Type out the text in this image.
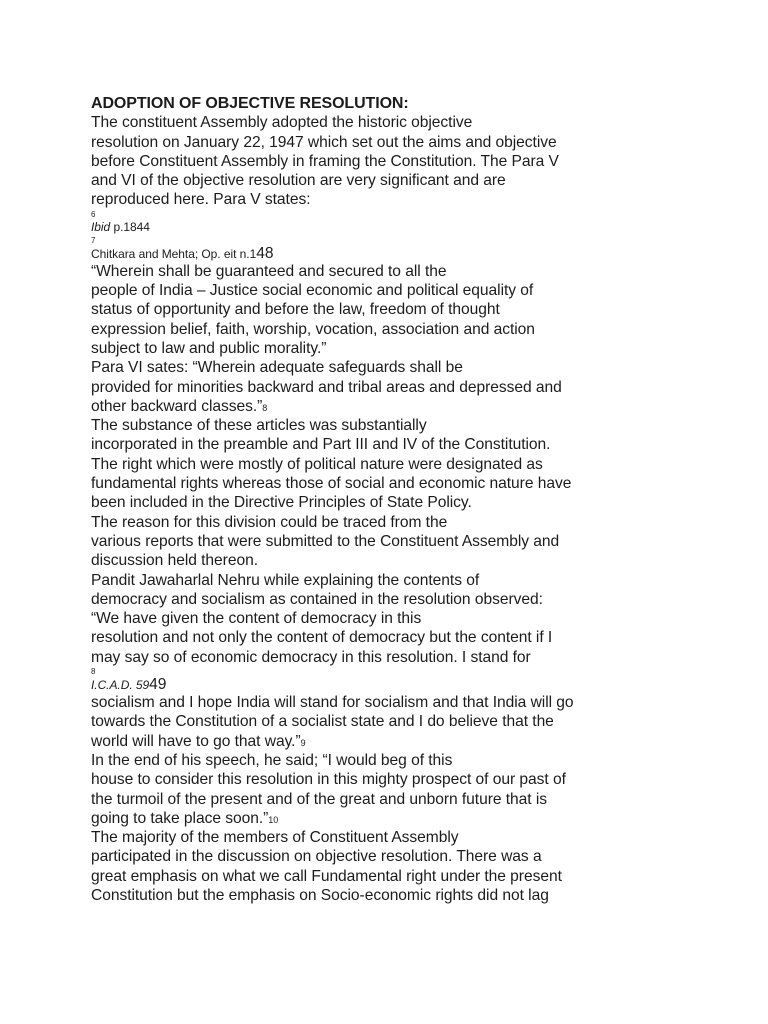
ADOPTION OF OBJECTIVE RESOLUTION:
The constituent Assembly adopted the historic objective
resolution on January 22, 1947 which set out the aims and objective
before Constituent Assembly in framing the Constitution. The Para V
and VI of the objective resolution are very significant and are
reproduced here. Para V states:
6
Ibid p.1844
7
Chitkara and Mehta; Op. eit n.148
“Wherein shall be guaranteed and secured to all the
people of India – Justice social economic and political equality of
status of opportunity and before the law, freedom of thought
expression belief, faith, worship, vocation, association and action
subject to law and public morality.”
Para VI sates: “Wherein adequate safeguards shall be
provided for minorities backward and tribal areas and depressed and
other backward classes.”8
The substance of these articles was substantially
incorporated in the preamble and Part III and IV of the Constitution.
The right which were mostly of political nature were designated as
fundamental rights whereas those of social and economic nature have
been included in the Directive Principles of State Policy.
The reason for this division could be traced from the
various reports that were submitted to the Constituent Assembly and
discussion held thereon.
Pandit Jawaharlal Nehru while explaining the contents of
democracy and socialism as contained in the resolution observed:
“We have given the content of democracy in this
resolution and not only the content of democracy but the content if I
may say so of economic democracy in this resolution. I stand for
8
I.C.A.D. 5949
socialism and I hope India will stand for socialism and that India will go
towards the Constitution of a socialist state and I do believe that the
world will have to go that way.”9
In the end of his speech, he said; “I would beg of this
house to consider this resolution in this mighty prospect of our past of
the turmoil of the present and of the great and unborn future that is
going to take place soon.”10
The majority of the members of Constituent Assembly
participated in the discussion on objective resolution. There was a
great emphasis on what we call Fundamental right under the present
Constitution but the emphasis on Socio-economic rights did not lag
